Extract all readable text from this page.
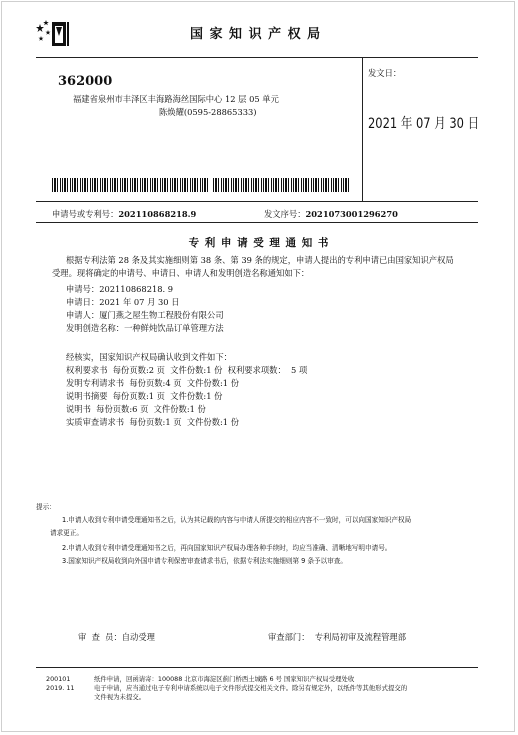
国 家 知 识 产 权 局
362000
福建省泉州市丰泽区丰海路海丝国际中心 12 层 05 单元
陈焕耀(0595-28865333)
发文日：
2021 年 07 月 30 日
申请号或专利号：202110868218.9	发文序号：2021073001296270
专 利 申 请 受 理 通 知 书
根据专利法第 28 条及其实施细则第 38 条、第 39 条的规定，申请人提出的专利申请已由国家知识产权局
受理。现将确定的申请号、申请日、申请人和发明创造名称通知如下：
申请号：202110868218. 9
申请日：2021 年 07 月 30 日
申请人：厦门燕之屋生物工程股份有限公司
发明创造名称：一种鲜炖饮品订单管理方法
经核实，国家知识产权局确认收到文件如下：
权利要求书  每份页数:2 页  文件份数:1 份  权利要求项数：  5 项
发明专利请求书  每份页数:4 页  文件份数:1 份
说明书摘要  每份页数:1 页  文件份数:1 份
说明书  每份页数:6 页  文件份数:1 份
实质审查请求书  每份页数:1 页  文件份数:1 份
提示：
1.申请人收到专利申请受理通知书之后，认为其记载的内容与申请人所提交的相应内容不一致时，可以向国家知识产权局
请求更正。
2.申请人收到专利申请受理通知书之后，再向国家知识产权局办理各种手续时，均应当准确、清晰地写明申请号。
3.国家知识产权局收到向外国申请专利保密审查请求书后，依据专利法实施细则第 9 条予以审查。
审  查  员：自动受理	审查部门：  专利局初审及流程管理部
200101
2019. 11
纸件申请，回函请寄：100088 北京市海淀区蓟门桥西土城路 6 号 国家知识产权局受理处收
电子申请，应当通过电子专利申请系统以电子文件形式提交相关文件。除另有规定外，以纸件等其他形式提交的
文件视为未提交。
